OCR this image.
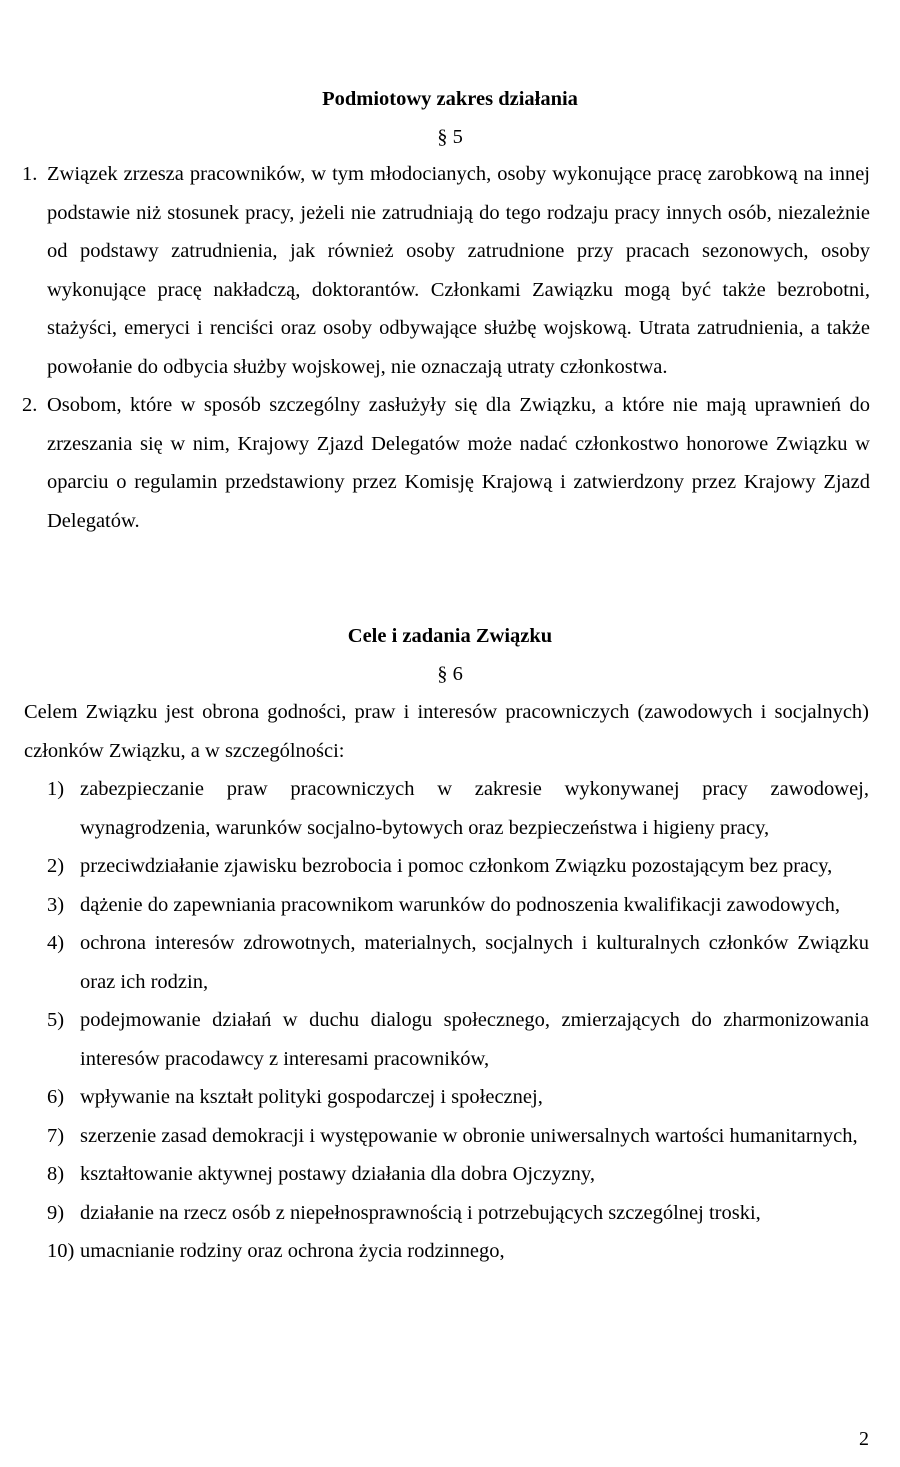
Podmiotowy zakres działania
§ 5
1. Związek zrzesza pracowników, w tym młodocianych, osoby wykonujące pracę zarobkową na innej podstawie niż stosunek pracy, jeżeli nie zatrudniają do tego rodzaju pracy innych osób, niezależnie od podstawy zatrudnienia, jak również osoby zatrudnione przy pracach sezonowych, osoby wykonujące pracę nakładczą, doktorantów. Członkami Zawiązku mogą być także bezrobotni, stażyści, emeryci i renciści oraz osoby odbywające służbę wojskową. Utrata zatrudnienia, a także powołanie do odbycia służby wojskowej, nie oznaczają utraty członkostwa.
2. Osobom, które w sposób szczególny zasłużyły się dla Związku, a które nie mają uprawnień do zrzeszania się w nim, Krajowy Zjazd Delegatów może nadać członkostwo honorowe Związku w oparciu o regulamin przedstawiony przez Komisję Krajową i zatwierdzony przez Krajowy Zjazd Delegatów.
Cele i zadania Związku
§ 6
Celem Związku jest obrona godności, praw i interesów pracowniczych (zawodowych i socjalnych) członków Związku, a w szczególności:
1) zabezpieczanie praw pracowniczych w zakresie wykonywanej pracy zawodowej, wynagrodzenia, warunków socjalno-bytowych oraz bezpieczeństwa i higieny pracy,
2) przeciwdziałanie zjawisku bezrobocia i pomoc członkom Związku pozostającym bez pracy,
3) dążenie do zapewniania pracownikom warunków do podnoszenia kwalifikacji zawodowych,
4) ochrona interesów zdrowotnych, materialnych, socjalnych i kulturalnych członków Związku oraz ich rodzin,
5) podejmowanie działań w duchu dialogu społecznego, zmierzających do zharmonizowania interesów pracodawcy z interesami pracowników,
6) wpływanie na kształt polityki gospodarczej i społecznej,
7) szerzenie zasad demokracji i występowanie w obronie uniwersalnych wartości humanitarnych,
8) kształtowanie aktywnej postawy działania dla dobra Ojczyzny,
9) działanie na rzecz osób z niepełnosprawnością i potrzebujących szczególnej troski,
10) umacnianie rodziny oraz ochrona życia rodzinnego,
2
